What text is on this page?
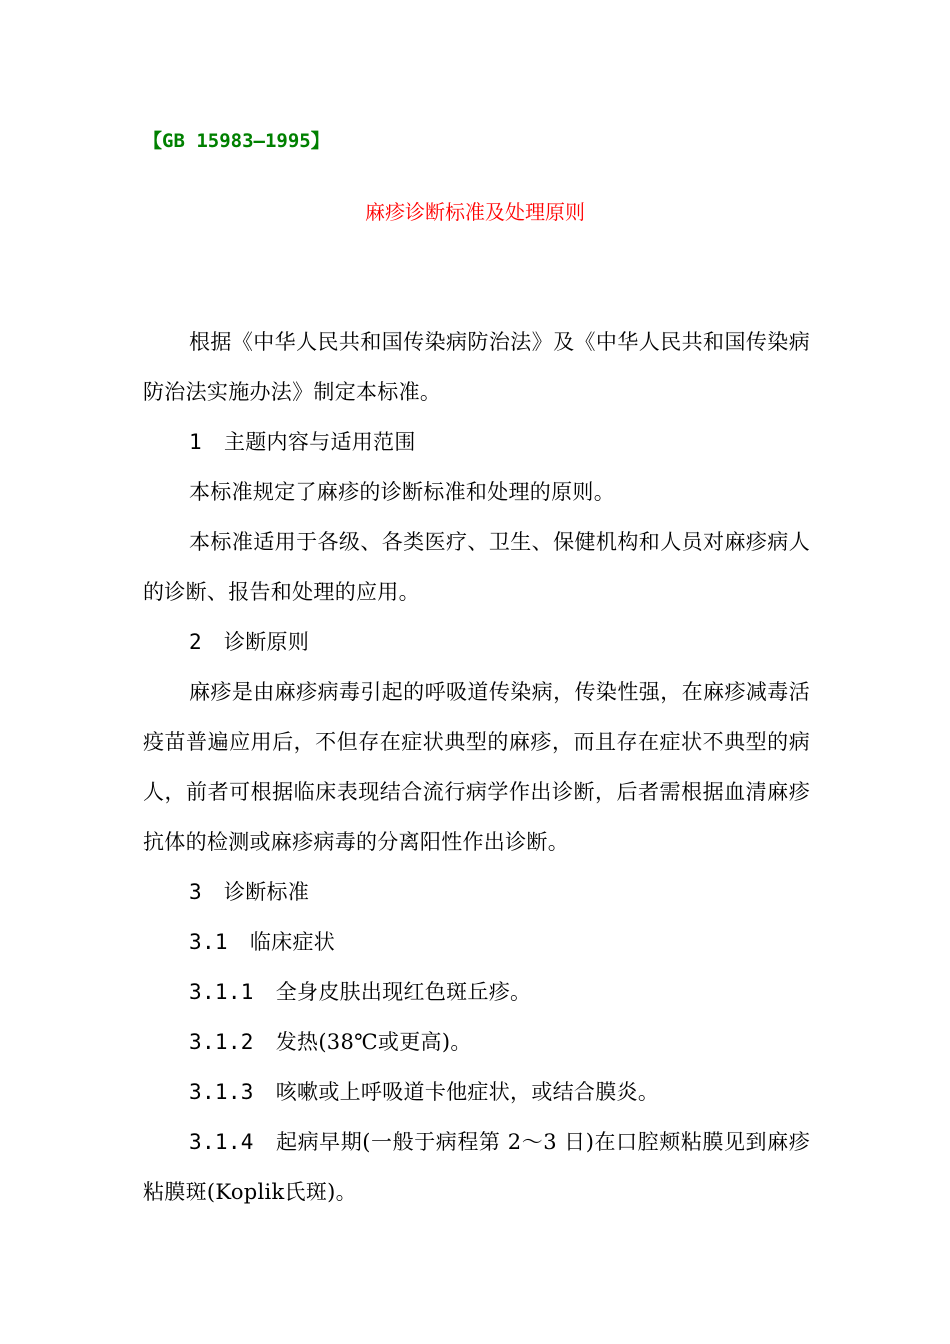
【GB 15983—1995】
麻疹诊断标准及处理原则

根据《中华人民共和国传染病防治法》及《中华人民共和国传染病防治法实施办法》制定本标准。

1 主题内容与适用范围

本标准规定了麻疹的诊断标准和处理的原则。

本标准适用于各级、各类医疗、卫生、保健机构和人员对麻疹病人的诊断、报告和处理的应用。

2 诊断原则

麻疹是由麻疹病毒引起的呼吸道传染病，传染性强，在麻疹减毒活疫苗普遍应用后，不但存在症状典型的麻疹，而且存在症状不典型的病人，前者可根据临床表现结合流行病学作出诊断，后者需根据血清麻疹抗体的检测或麻疹病毒的分离阳性作出诊断。

3 诊断标准

3.1 临床症状

3.1.1 全身皮肤出现红色斑丘疹。

3.1.2 发热(38℃或更高)。

3.1.3 咳嗽或上呼吸道卡他症状，或结合膜炎。

3.1.4 起病早期(一般于病程第 2～3 日)在口腔颊粘膜见到麻疹粘膜斑(Koplik氏斑)。
